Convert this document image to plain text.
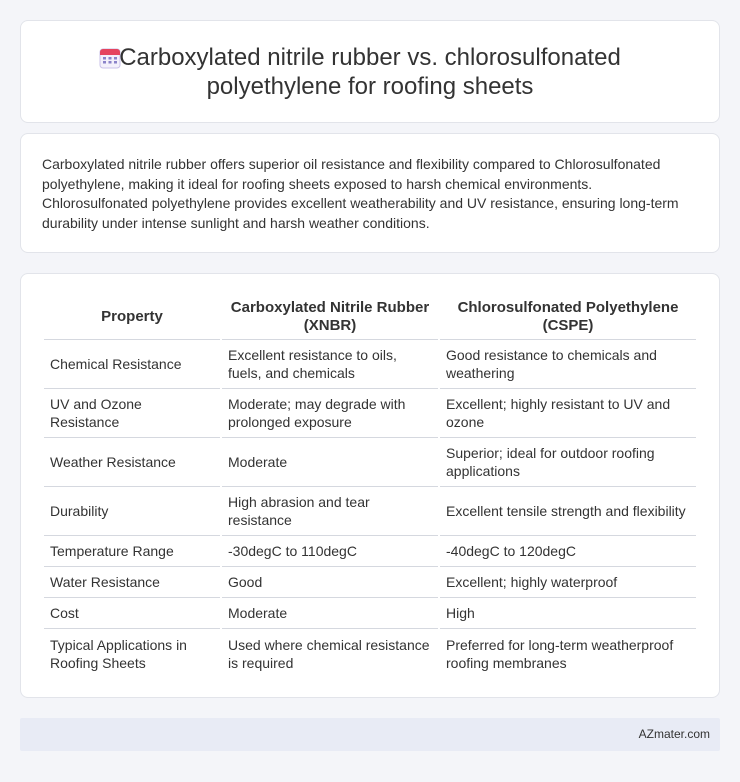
Carboxylated nitrile rubber vs. chlorosulfonated polyethylene for roofing sheets

Carboxylated nitrile rubber offers superior oil resistance and flexibility compared to Chlorosulfonated polyethylene, making it ideal for roofing sheets exposed to harsh chemical environments. Chlorosulfonated polyethylene provides excellent weatherability and UV resistance, ensuring long-term durability under intense sunlight and harsh weather conditions.

Property	Carboxylated Nitrile Rubber (XNBR)	Chlorosulfonated Polyethylene (CSPE)
Chemical Resistance	Excellent resistance to oils, fuels, and chemicals	Good resistance to chemicals and weathering
UV and Ozone Resistance	Moderate; may degrade with prolonged exposure	Excellent; highly resistant to UV and ozone
Weather Resistance	Moderate	Superior; ideal for outdoor roofing applications
Durability	High abrasion and tear resistance	Excellent tensile strength and flexibility
Temperature Range	-30degC to 110degC	-40degC to 120degC
Water Resistance	Good	Excellent; highly waterproof
Cost	Moderate	High
Typical Applications in Roofing Sheets	Used where chemical resistance is required	Preferred for long-term weatherproof roofing membranes
AZmater.com
